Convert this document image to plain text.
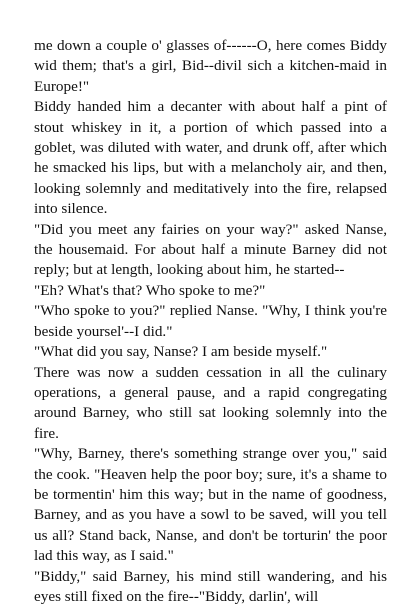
me down a couple o' glasses of------O, here comes Biddy wid them; that's a girl, Bid--divil sich a kitchen-maid in Europe!"

Biddy handed him a decanter with about half a pint of stout whiskey in it, a portion of which passed into a goblet, was diluted with water, and drunk off, after which he smacked his lips, but with a melancholy air, and then, looking solemnly and meditatively into the fire, relapsed into silence.

"Did you meet any fairies on your way?" asked Nanse, the housemaid. For about half a minute Barney did not reply; but at length, looking about him, he started--

"Eh? What's that? Who spoke to me?"

"Who spoke to you?" replied Nanse. "Why, I think you're beside yoursel'--I did."

"What did you say, Nanse? I am beside myself."

There was now a sudden cessation in all the culinary operations, a general pause, and a rapid congregating around Barney, who still sat looking solemnly into the fire.

"Why, Barney, there's something strange over you," said the cook. "Heaven help the poor boy; sure, it's a shame to be tormentin' him this way; but in the name of goodness, Barney, and as you have a sowl to be saved, will you tell us all? Stand back, Nanse, and don't be torturin' the poor lad this way, as I said."

"Biddy," said Barney, his mind still wandering, and his eyes still fixed on the fire--"Biddy, darlin', will
